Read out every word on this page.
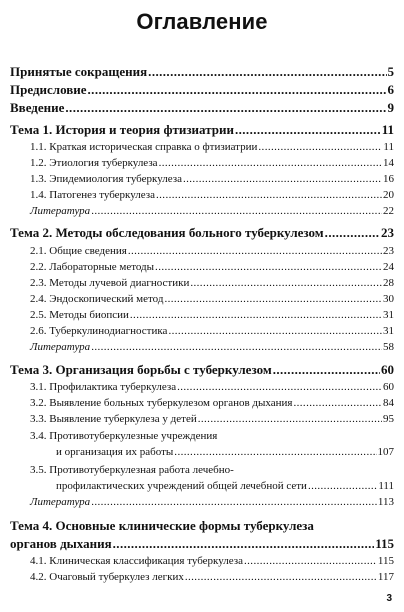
Оглавление
Принятые сокращения .....	5
Предисловие .....	6
Введение .....	9
Тема 1. История и теория фтизиатрии .....	11
1.1. Краткая историческая справка о фтизиатрии .....	11
1.2. Этиология туберкулеза .....	14
1.3. Эпидемиология туберкулеза .....	16
1.4. Патогенез туберкулеза .....	20
Литература .....	22
Тема 2. Методы обследования больного туберкулезом .....	23
2.1. Общие сведения .....	23
2.2. Лабораторные методы .....	24
2.3. Методы лучевой диагностики .....	28
2.4. Эндоскопический метод .....	30
2.5. Методы биопсии .....	31
2.6. Туберкулинодиагностика .....	31
Литература .....	58
Тема 3. Организация борьбы с туберкулезом .....	60
3.1. Профилактика туберкулеза .....	60
3.2. Выявление больных туберкулезом органов дыхания .....	84
3.3. Выявление туберкулеза у детей .....	95
3.4. Противотуберкулезные учреждения
и организация их работы .....	107
3.5. Противотуберкулезная работа лечебно-
профилактических учреждений общей лечебной сети .....	111
Литература .....	113
Тема 4. Основные клинические формы туберкулеза
органов дыхания .....	115
4.1. Клиническая классификация туберкулеза .....	115
4.2. Очаговый туберкулез легких .....	117
3
